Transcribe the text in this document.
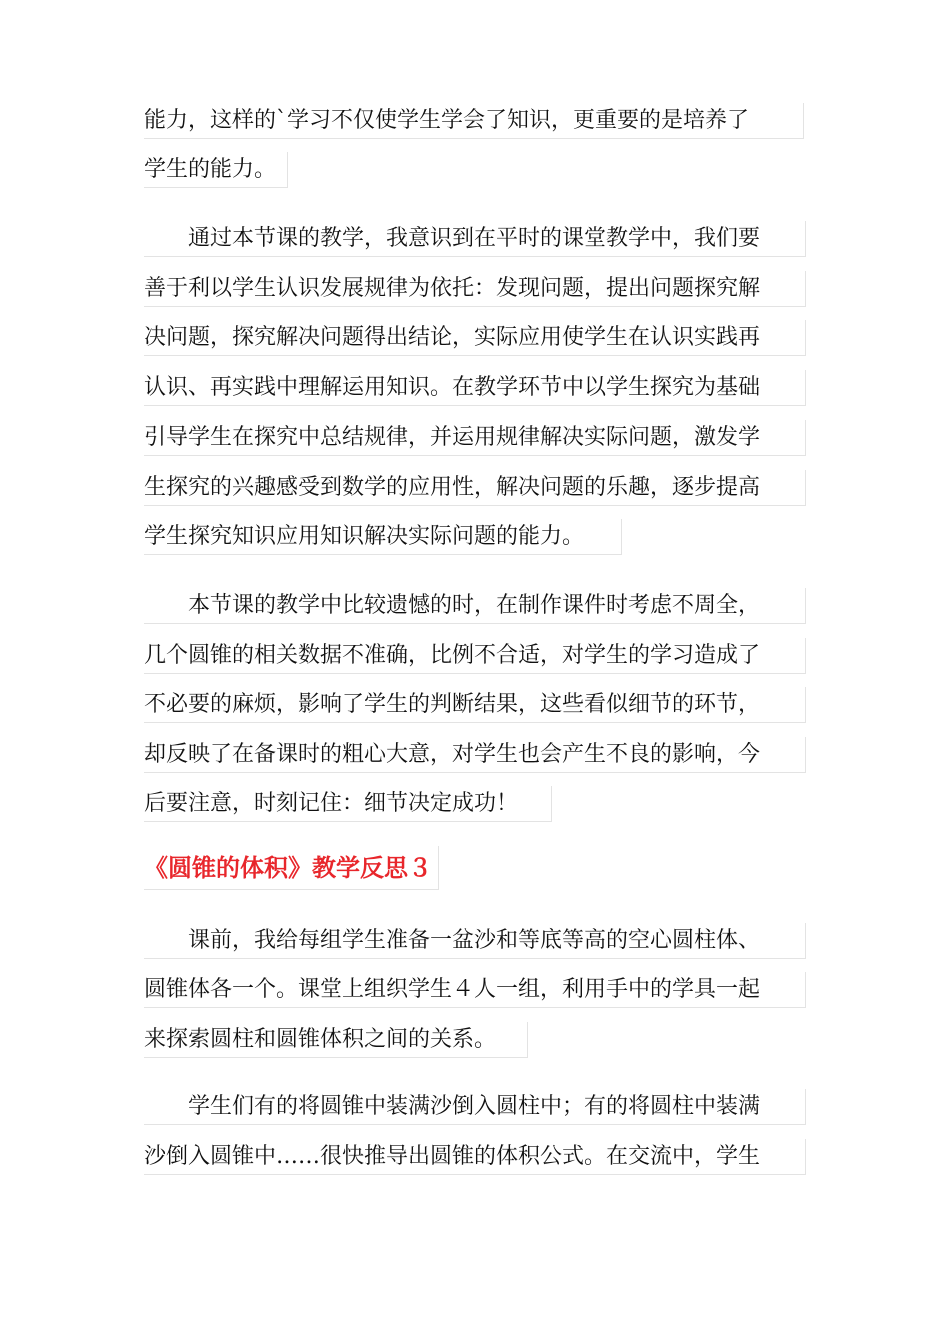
能力，这样的`学习不仅使学生学会了知识，更重要的是培养了
学生的能力。
　　通过本节课的教学，我意识到在平时的课堂教学中，我们要
善于利以学生认识发展规律为依托：发现问题，提出问题探究解
决问题，探究解决问题得出结论，实际应用使学生在认识实践再
认识、再实践中理解运用知识。在教学环节中以学生探究为基础
引导学生在探究中总结规律，并运用规律解决实际问题，激发学
生探究的兴趣感受到数学的应用性，解决问题的乐趣，逐步提高
学生探究知识应用知识解决实际问题的能力。
　　本节课的教学中比较遗憾的时，在制作课件时考虑不周全，
几个圆锥的相关数据不准确，比例不合适，对学生的学习造成了
不必要的麻烦，影响了学生的判断结果，这些看似细节的环节，
却反映了在备课时的粗心大意，对学生也会产生不良的影响，今
后要注意，时刻记住：细节决定成功！
《圆锥的体积》教学反思３
　　课前，我给每组学生准备一盆沙和等底等高的空心圆柱体、
圆锥体各一个。课堂上组织学生４人一组，利用手中的学具一起
来探索圆柱和圆锥体积之间的关系。
　　学生们有的将圆锥中装满沙倒入圆柱中；有的将圆柱中装满
沙倒入圆锥中……很快推导出圆锥的体积公式。在交流中，学生
